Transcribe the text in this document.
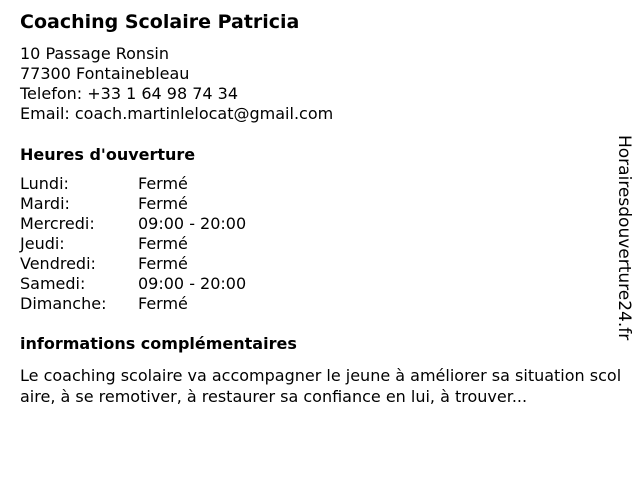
Coaching Scolaire Patricia
10 Passage Ronsin
77300 Fontainebleau
Telefon: +33 1 64 98 74 34
Email: coach.martinlelocat@gmail.com
Heures d'ouverture
Lundi:	Fermé
Mardi:	Fermé
Mercredi:	09:00 - 20:00
Jeudi:	Fermé
Vendredi:	Fermé
Samedi:	09:00 - 20:00
Dimanche:	Fermé
informations complémentaires
Le coaching scolaire va accompagner le jeune à améliorer sa situation scolaire, à se remotiver, à restaurer sa confiance en lui, à trouver...
Horairesdouverture24.fr
